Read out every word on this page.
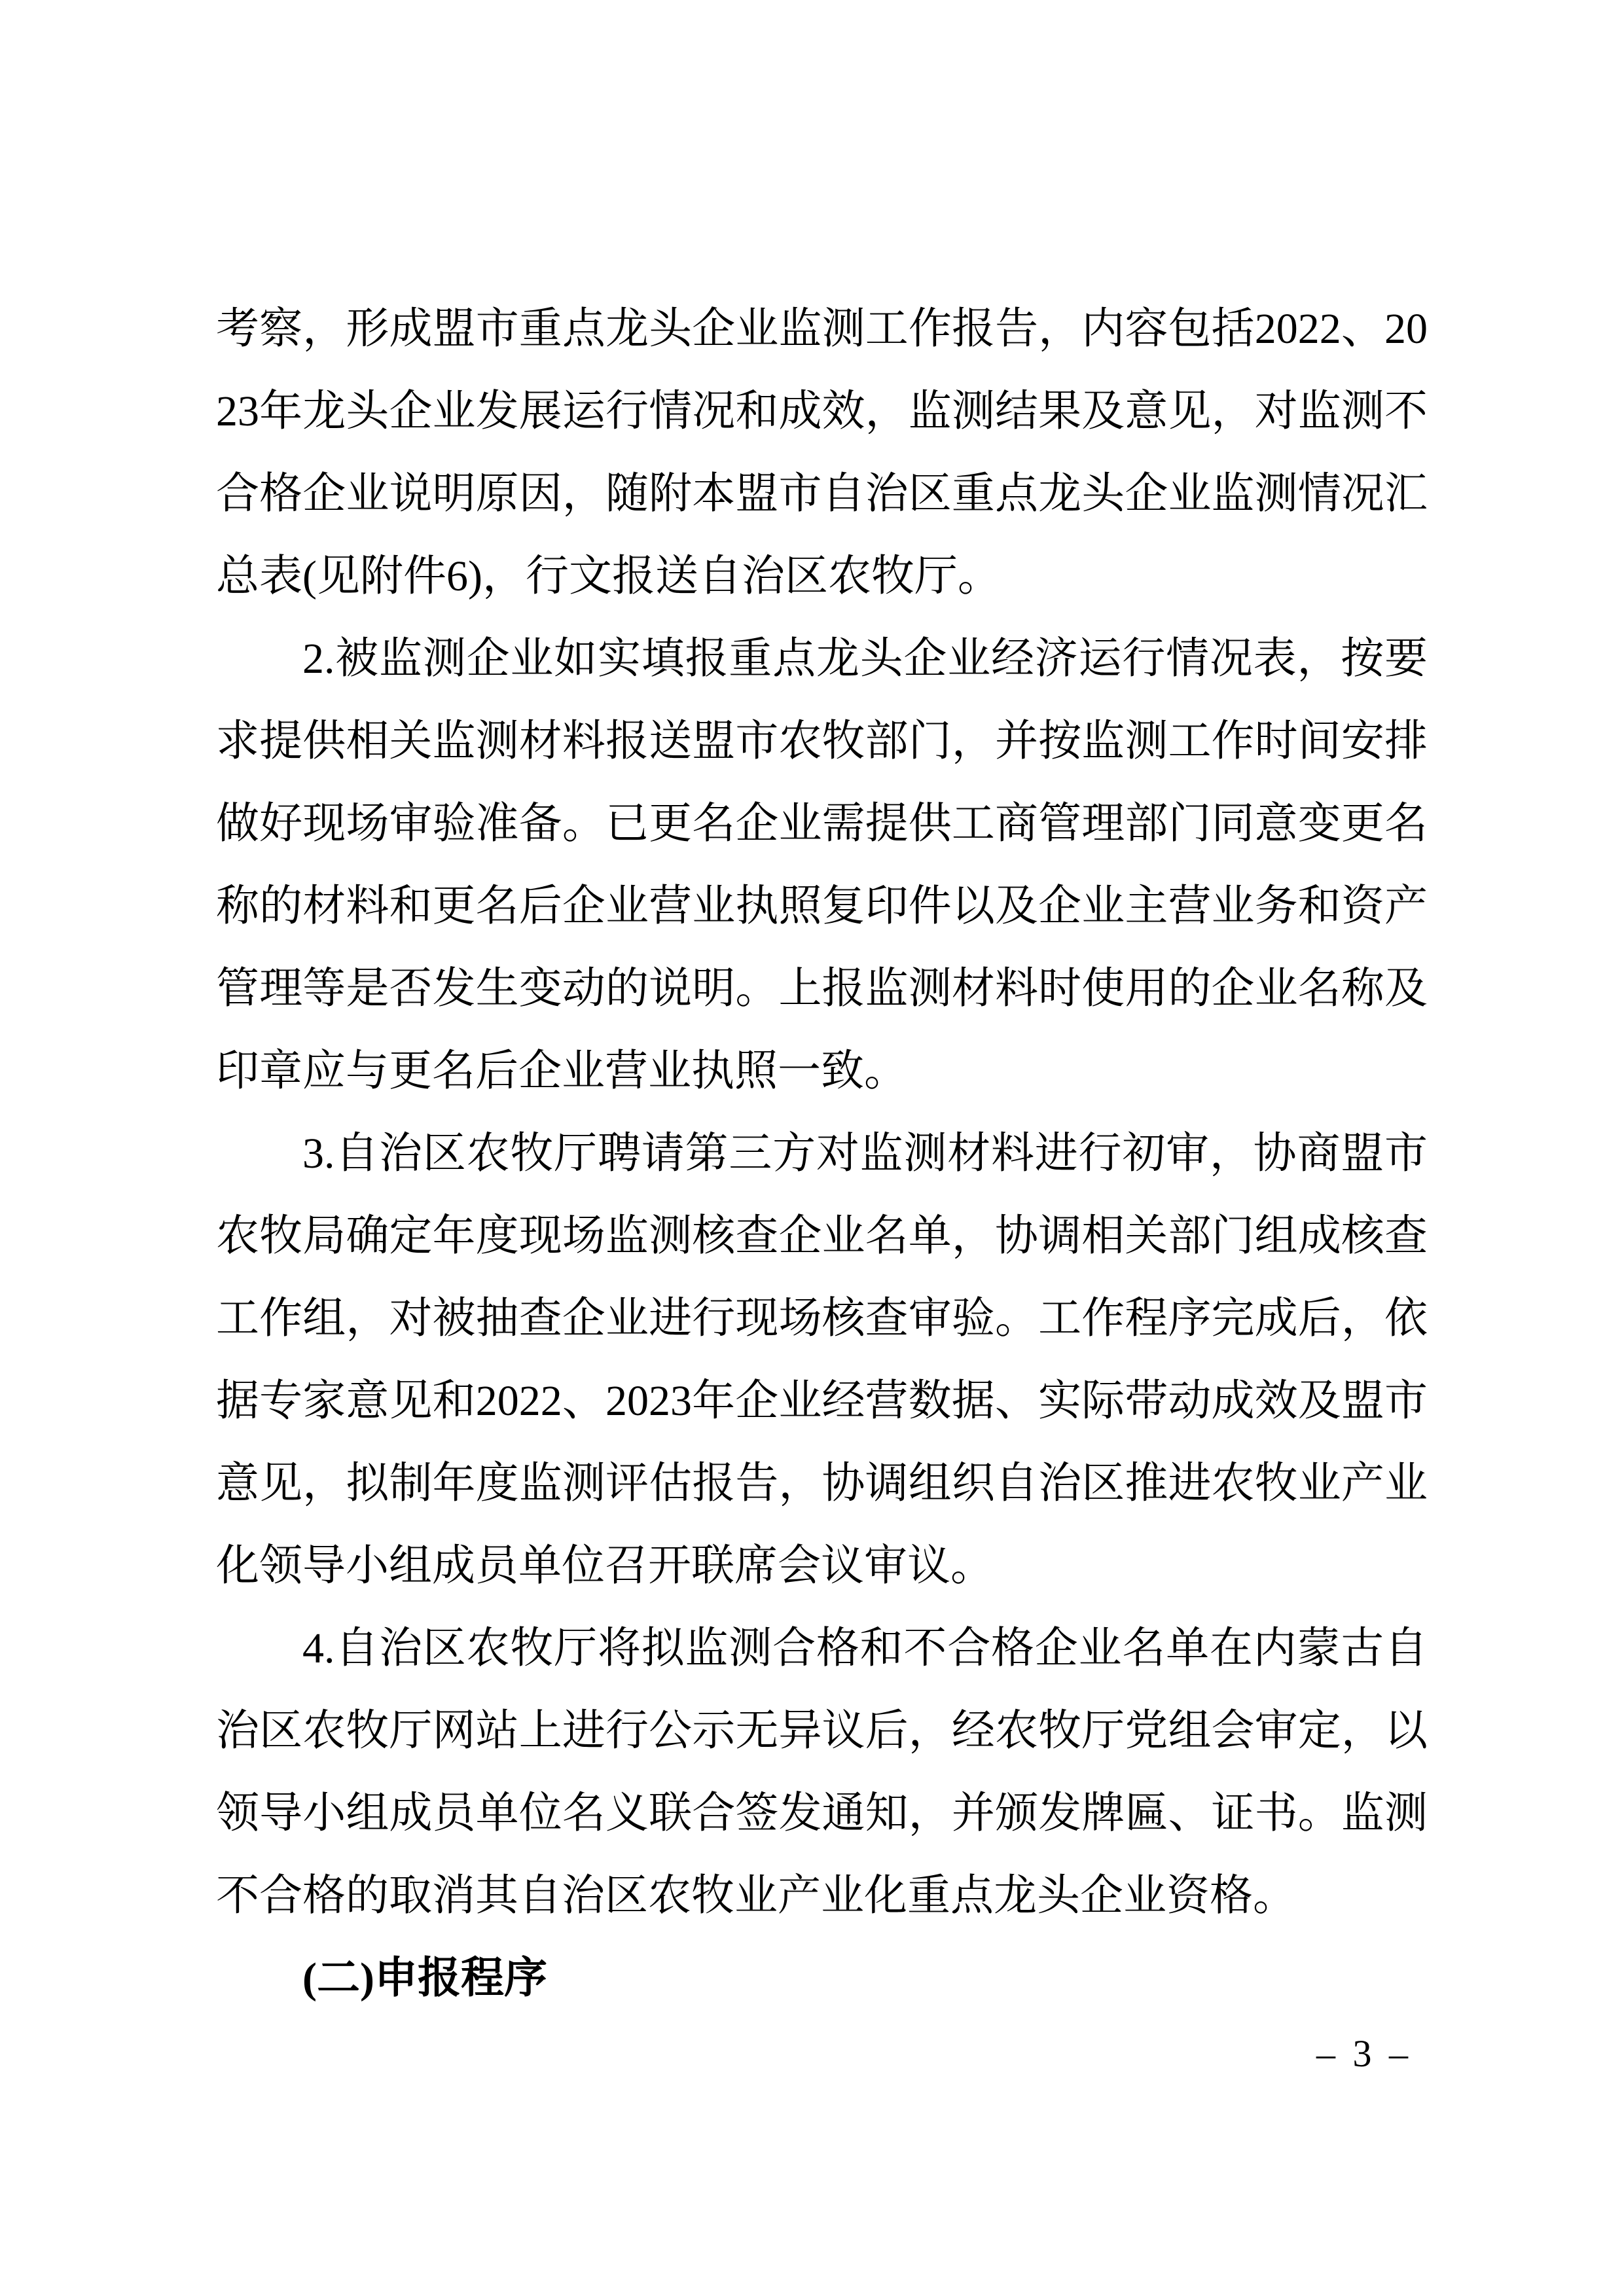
考察，形成盟市重点龙头企业监测工作报告，内容包括2022、2023年龙头企业发展运行情况和成效，监测结果及意见，对监测不合格企业说明原因，随附本盟市自治区重点龙头企业监测情况汇总表(见附件6)，行文报送自治区农牧厅。
2.被监测企业如实填报重点龙头企业经济运行情况表，按要求提供相关监测材料报送盟市农牧部门，并按监测工作时间安排做好现场审验准备。已更名企业需提供工商管理部门同意变更名称的材料和更名后企业营业执照复印件以及企业主营业务和资产管理等是否发生变动的说明。上报监测材料时使用的企业名称及印章应与更名后企业营业执照一致。
3.自治区农牧厅聘请第三方对监测材料进行初审，协商盟市农牧局确定年度现场监测核查企业名单，协调相关部门组成核查工作组，对被抽查企业进行现场核查审验。工作程序完成后，依据专家意见和2022、2023年企业经营数据、实际带动成效及盟市意见，拟制年度监测评估报告，协调组织自治区推进农牧业产业化领导小组成员单位召开联席会议审议。
4.自治区农牧厅将拟监测合格和不合格企业名单在内蒙古自治区农牧厅网站上进行公示无异议后，经农牧厅党组会审定，以领导小组成员单位名义联合签发通知，并颁发牌匾、证书。监测不合格的取消其自治区农牧业产业化重点龙头企业资格。
(二)申报程序
– 3 –
